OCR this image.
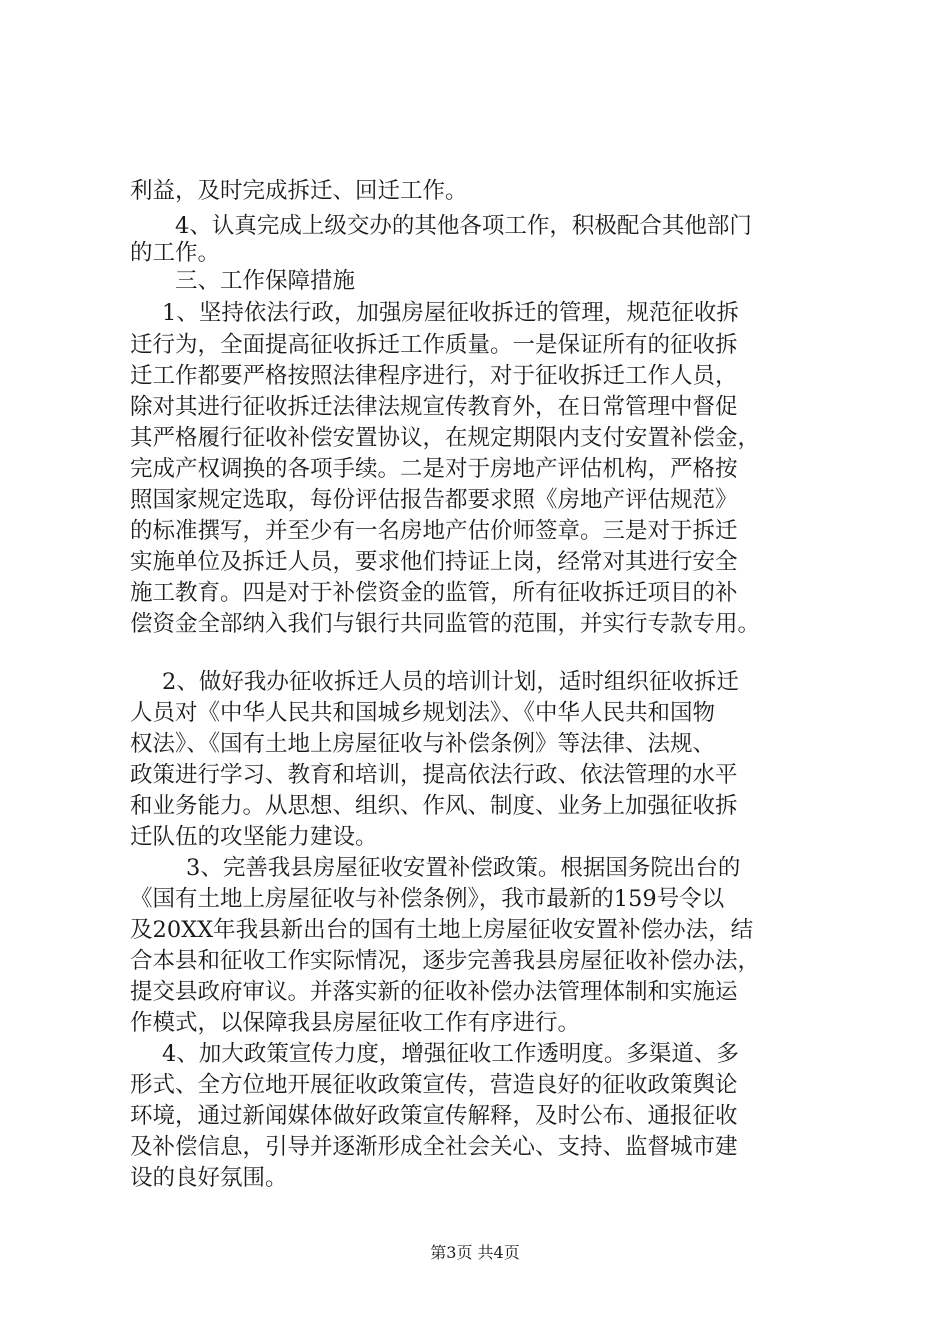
利益，及时完成拆迁、回迁工作。
4、认真完成上级交办的其他各项工作，积极配合其他部门
的工作。
三、工作保障措施
1、坚持依法行政，加强房屋征收拆迁的管理，规范征收拆
迁行为，全面提高征收拆迁工作质量。一是保证所有的征收拆
迁工作都要严格按照法律程序进行，对于征收拆迁工作人员，
除对其进行征收拆迁法律法规宣传教育外，在日常管理中督促
其严格履行征收补偿安置协议，在规定期限内支付安置补偿金，
完成产权调换的各项手续。二是对于房地产评估机构，严格按
照国家规定选取，每份评估报告都要求照《房地产评估规范》
的标准撰写，并至少有一名房地产估价师签章。三是对于拆迁
实施单位及拆迁人员，要求他们持证上岗，经常对其进行安全
施工教育。四是对于补偿资金的监管，所有征收拆迁项目的补
偿资金全部纳入我们与银行共同监管的范围，并实行专款专用。
2、做好我办征收拆迁人员的培训计划，适时组织征收拆迁
人员对《中华人民共和国城乡规划法》、《中华人民共和国物
权法》、《国有土地上房屋征收与补偿条例》等法律、法规、
政策进行学习、教育和培训，提高依法行政、依法管理的水平
和业务能力。从思想、组织、作风、制度、业务上加强征收拆
迁队伍的攻坚能力建设。
3、完善我县房屋征收安置补偿政策。根据国务院出台的
《国有土地上房屋征收与补偿条例》，我市最新的159号令以
及20XX年我县新出台的国有土地上房屋征收安置补偿办法，结
合本县和征收工作实际情况，逐步完善我县房屋征收补偿办法，
提交县政府审议。并落实新的征收补偿办法管理体制和实施运
作模式，以保障我县房屋征收工作有序进行。
4、加大政策宣传力度，增强征收工作透明度。多渠道、多
形式、全方位地开展征收政策宣传，营造良好的征收政策舆论
环境，通过新闻媒体做好政策宣传解释，及时公布、通报征收
及补偿信息，引导并逐渐形成全社会关心、支持、监督城市建
设的良好氛围。
第3页 共4页
